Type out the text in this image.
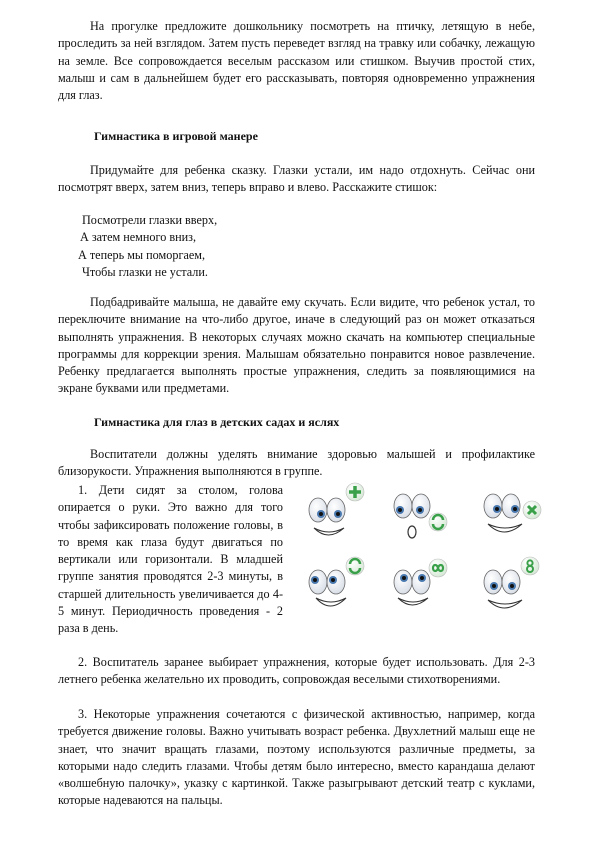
На прогулке предложите дошкольнику посмотреть на птичку, летящую в небе, проследить за ней взглядом. Затем пусть переведет взгляд на травку или собачку, лежащую на земле. Все сопровождается веселым рассказом или стишком. Выучив простой стих, малыш и сам в дальнейшем будет его рассказывать, повторяя одновременно упражнения для глаз.
Гимнастика в игровой манере
Придумайте для ребенка сказку. Глазки устали, им надо отдохнуть. Сейчас они посмотрят вверх, затем вниз, теперь вправо и влево. Расскажите стишок:
Посмотрели глазки вверх,
А затем немного вниз,
А теперь мы поморгаем,
Чтобы глазки не устали.
Подбадривайте малыша, не давайте ему скучать. Если видите, что ребенок устал, то переключите внимание на что-либо другое, иначе в следующий раз он может отказаться выполнять упражнения. В некоторых случаях можно скачать на компьютер специальные программы для коррекции зрения. Малышам обязательно понравится новое развлечение. Ребенку предлагается выполнять простые упражнения, следить за появляющимися на экране буквами или предметами.
Гимнастика для глаз в детских садах и яслях
Воспитатели должны уделять внимание здоровью малышей и профилактике близорукости. Упражнения выполняются в группе.
1. Дети сидят за столом, голова опирается о руки. Это важно для того чтобы зафиксировать положение головы, в то время как глаза будут двигаться по вертикали или горизонтали. В младшей группе занятия проводятся 2-3 минуты, в старшей длительность увеличивается до 4-5 минут. Периодичность проведения - 2 раза в день.
2. Воспитатель заранее выбирает упражнения, которые будет использовать. Для 2-3 летнего ребенка желательно их проводить, сопровождая веселыми стихотворениями.
3. Некоторые упражнения сочетаются с физической активностью, например, когда требуется движение головы. Важно учитывать возраст ребенка. Двухлетний малыш еще не знает, что значит вращать глазами, поэтому используются различные предметы, за которыми надо следить глазами. Чтобы детям было интересно, вместо карандаша делают «волшебную палочку», указку с картинкой. Также разыгрывают детский театр с куклами, которые надеваются на пальцы.
